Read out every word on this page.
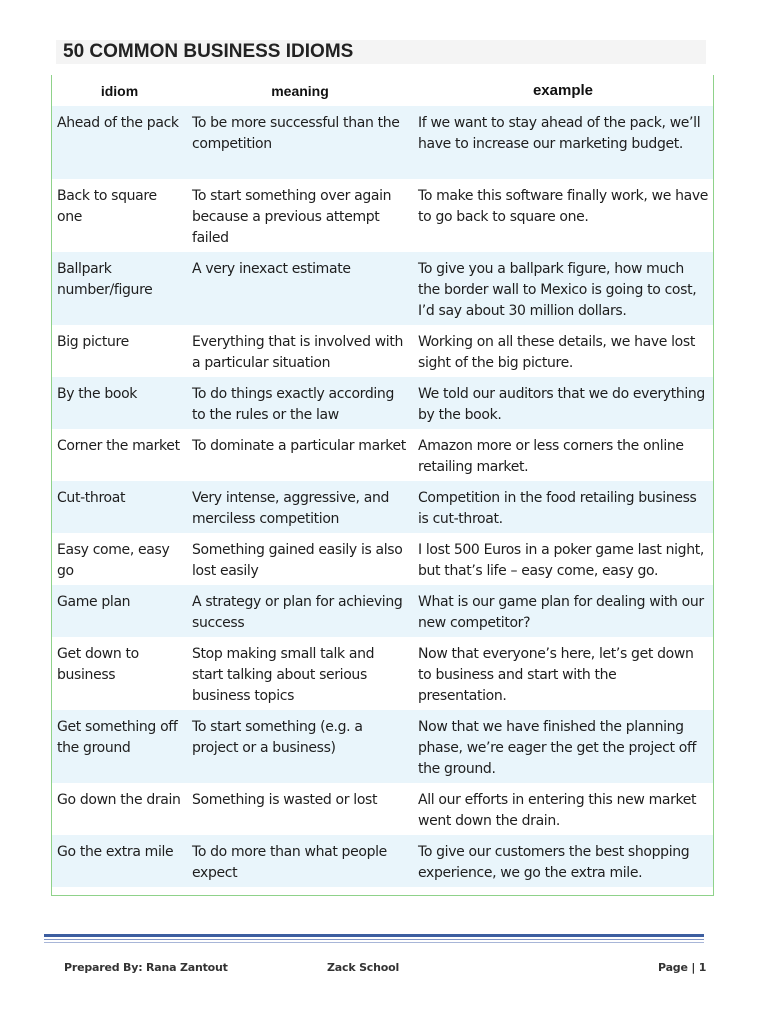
50 COMMON BUSINESS IDIOMS
idiom	meaning	example
Ahead of the pack	To be more successful than the competition	If we want to stay ahead of the pack, we’ll have to increase our marketing budget.
Back to square one	To start something over again because a previous attempt failed	To make this software finally work, we have to go back to square one.
Ballpark number/figure	A very inexact estimate	To give you a ballpark figure, how much the border wall to Mexico is going to cost, I’d say about 30 million dollars.
Big picture	Everything that is involved with a particular situation	Working on all these details, we have lost sight of the big picture.
By the book	To do things exactly according to the rules or the law	We told our auditors that we do everything by the book.
Corner the market	To dominate a particular market	Amazon more or less corners the online retailing market.
Cut-throat	Very intense, aggressive, and merciless competition	Competition in the food retailing business is cut-throat.
Easy come, easy go	Something gained easily is also lost easily	I lost 500 Euros in a poker game last night, but that’s life – easy come, easy go.
Game plan	A strategy or plan for achieving success	What is our game plan for dealing with our new competitor?
Get down to business	Stop making small talk and start talking about serious business topics	Now that everyone’s here, let’s get down to business and start with the presentation.
Get something off the ground	To start something (e.g. a project or a business)	Now that we have finished the planning phase, we’re eager the get the project off the ground.
Go down the drain	Something is wasted or lost	All our efforts in entering this new market went down the drain.
Go the extra mile	To do more than what people expect	To give our customers the best shopping experience, we go the extra mile.
Prepared By: Rana Zantout	Zack School	Page | 1
